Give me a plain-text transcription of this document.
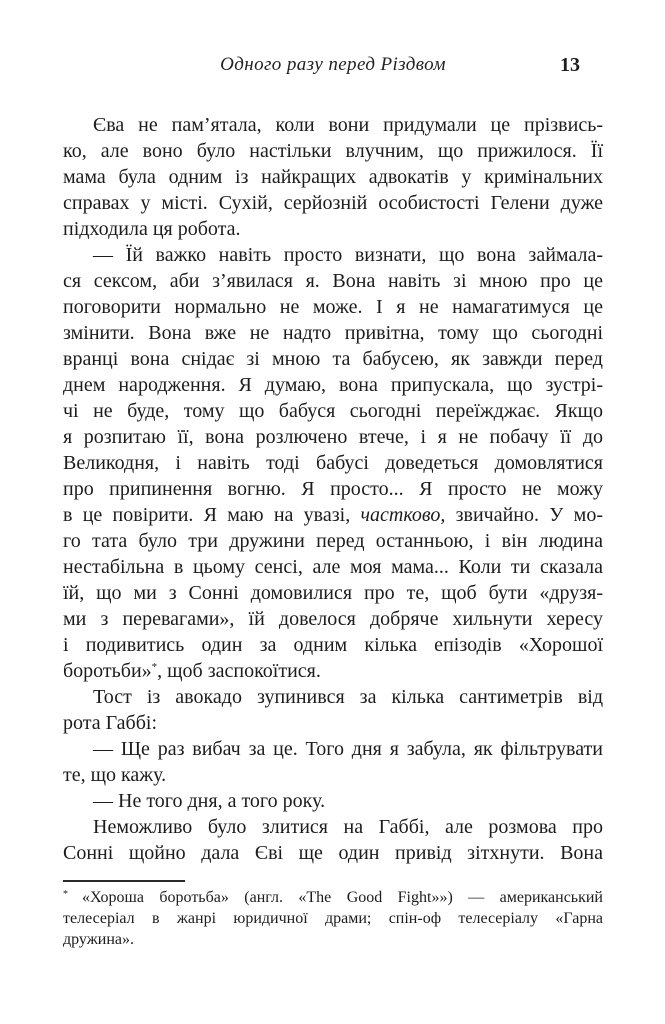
Одного разу перед Різдвом	13
Єва не пам’ятала, коли вони придумали це прізвись-
ко, але воно було настільки влучним, що прижилося. Її
мама була одним із найкращих адвокатів у кримінальних
справах у місті. Сухій, серйозній особистості Гелени дуже
підходила ця робота.
— Їй важко навіть просто визнати, що вона займала-
ся сексом, аби з’явилася я. Вона навіть зі мною про це
поговорити нормально не може. І я не намагатимуся це
змінити. Вона вже не надто привітна, тому що сьогодні
вранці вона снідає зі мною та бабусею, як завжди перед
днем народження. Я думаю, вона припускала, що зустрі-
чі не буде, тому що бабуся сьогодні переїжджає. Якщо
я розпитаю її, вона розлючено втече, і я не побачу її до
Великодня, і навіть тоді бабусі доведеться домовлятися
про припинення вогню. Я просто... Я просто не можу
в це повірити. Я маю на увазі, частково, звичайно. У мо-
го тата було три дружини перед останньою, і він людина
нестабільна в цьому сенсі, але моя мама... Коли ти сказала
їй, що ми з Сонні домовилися про те, щоб бути «друзя-
ми з перевагами», їй довелося добряче хильнути хересу
і подивитись один за одним кілька епізодів «Хорошої
боротьби»*, щоб заспокоїтися.
Тост із авокадо зупинився за кілька сантиметрів від
рота Габбі:
— Ще раз вибач за це. Того дня я забула, як фільтрувати
те, що кажу.
— Не того дня, а того року.
Неможливо було злитися на Габбі, але розмова про
Сонні щойно дала Єві ще один привід зітхнути. Вона
* «Хороша боротьба» (англ. «The Good Fight»») — американський
телесеріал в жанрі юридичної драми; спін-оф телесеріалу «Гарна
дружина».
